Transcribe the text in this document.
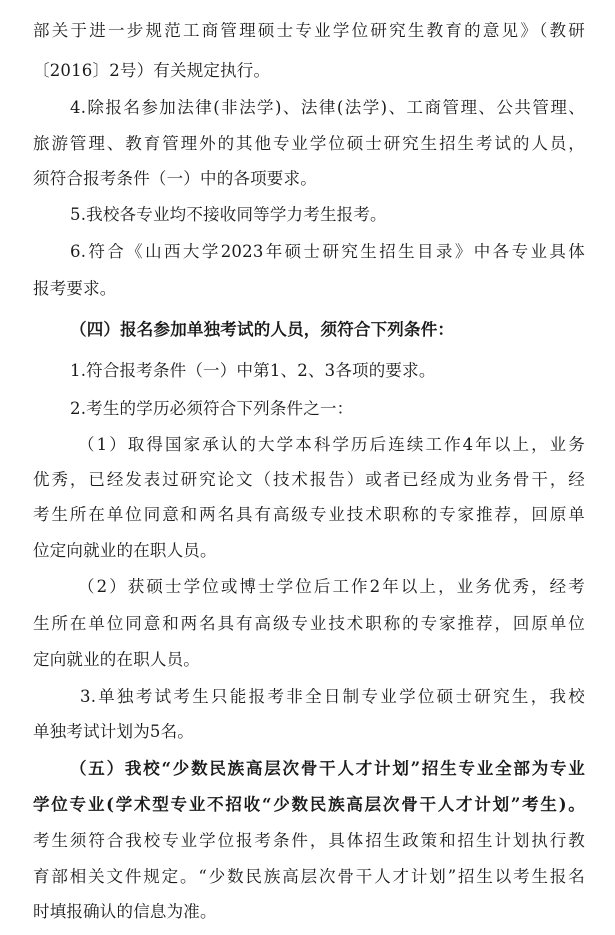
部关于进一步规范工商管理硕士专业学位研究生教育的意见》（教研
〔2016〕2号）有关规定执行。
4.除报名参加法律(非法学)、法律(法学)、工商管理、公共管理、
旅游管理、教育管理外的其他专业学位硕士研究生招生考试的人员，
须符合报考条件（一）中的各项要求。
5.我校各专业均不接收同等学力考生报考。
6.符合《山西大学2023年硕士研究生招生目录》中各专业具体
报考要求。
（四）报名参加单独考试的人员，须符合下列条件：
1.符合报考条件（一）中第1、2、3各项的要求。
2.考生的学历必须符合下列条件之一：
（1）取得国家承认的大学本科学历后连续工作4年以上，业务
优秀，已经发表过研究论文（技术报告）或者已经成为业务骨干，经
考生所在单位同意和两名具有高级专业技术职称的专家推荐，回原单
位定向就业的在职人员。
（2）获硕士学位或博士学位后工作2年以上，业务优秀，经考
生所在单位同意和两名具有高级专业技术职称的专家推荐，回原单位
定向就业的在职人员。
3.单独考试考生只能报考非全日制专业学位硕士研究生，我校
单独考试计划为5名。
（五）我校“少数民族高层次骨干人才计划”招生专业全部为专业
学位专业(学术型专业不招收“少数民族高层次骨干人才计划”考生)。
考生须符合我校专业学位报考条件，具体招生政策和招生计划执行教
育部相关文件规定。“少数民族高层次骨干人才计划”招生以考生报名
时填报确认的信息为准。
